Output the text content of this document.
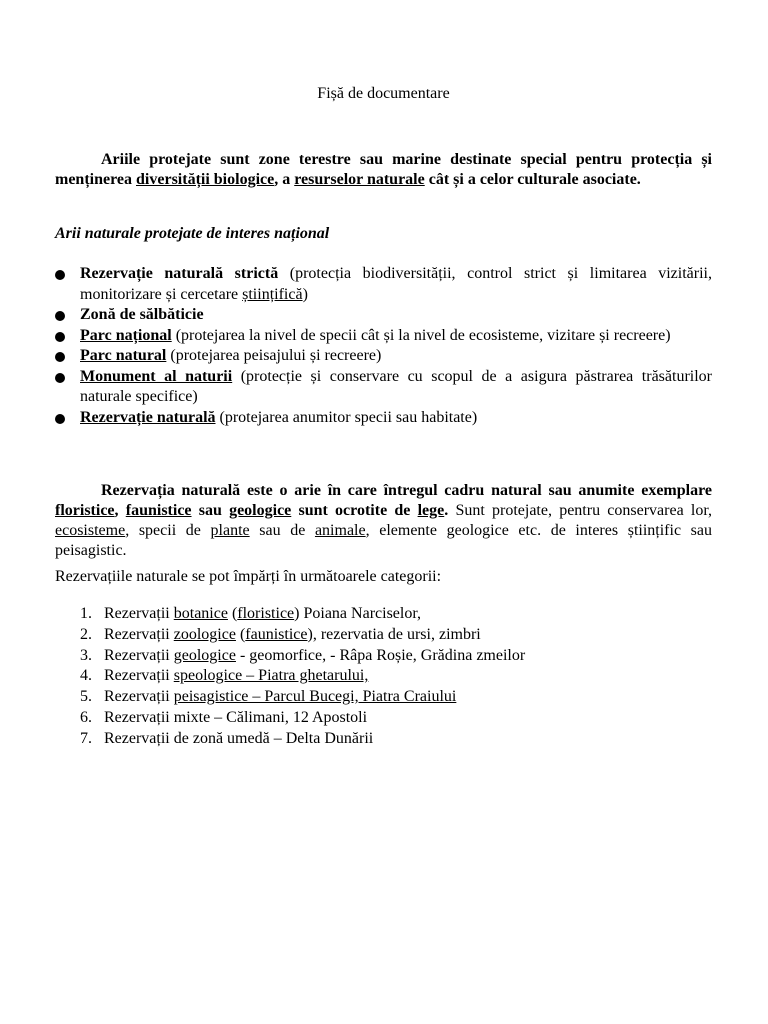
Fișă de documentare

Ariile protejate sunt zone terestre sau marine destinate special pentru protecția și menținerea diversității biologice, a resurselor naturale cât și a celor culturale asociate.

Arii naturale protejate de interes național

Rezervație naturală strictă (protecția biodiversității, control strict și limitarea vizitării, monitorizare și cercetare științifică)
Zonă de sălbăticie
Parc național (protejarea la nivel de specii cât și la nivel de ecosisteme, vizitare și recreere)
Parc natural (protejarea peisajului și recreere)
Monument al naturii (protecție și conservare cu scopul de a asigura păstrarea trăsăturilor naturale specifice)
Rezervație naturală (protejarea anumitor specii sau habitate)

Rezervația naturală este o arie în care întregul cadru natural sau anumite exemplare floristice, faunistice sau geologice sunt ocrotite de lege. Sunt protejate, pentru conservarea lor, ecosisteme, specii de plante sau de animale, elemente geologice etc. de interes științific sau peisagistic.

Rezervațiile naturale se pot împărți în următoarele categorii:

1. Rezervații botanice (floristice) Poiana Narciselor,
2. Rezervații zoologice (faunistice), rezervatia de ursi, zimbri
3. Rezervații geologice - geomorfice, - Râpa Roșie, Grădina zmeilor
4. Rezervații speologice – Piatra ghetarului,
5. Rezervații peisagistice – Parcul Bucegi, Piatra Craiului
6. Rezervații mixte – Călimani, 12 Apostoli
7. Rezervații de zonă umedă – Delta Dunării
